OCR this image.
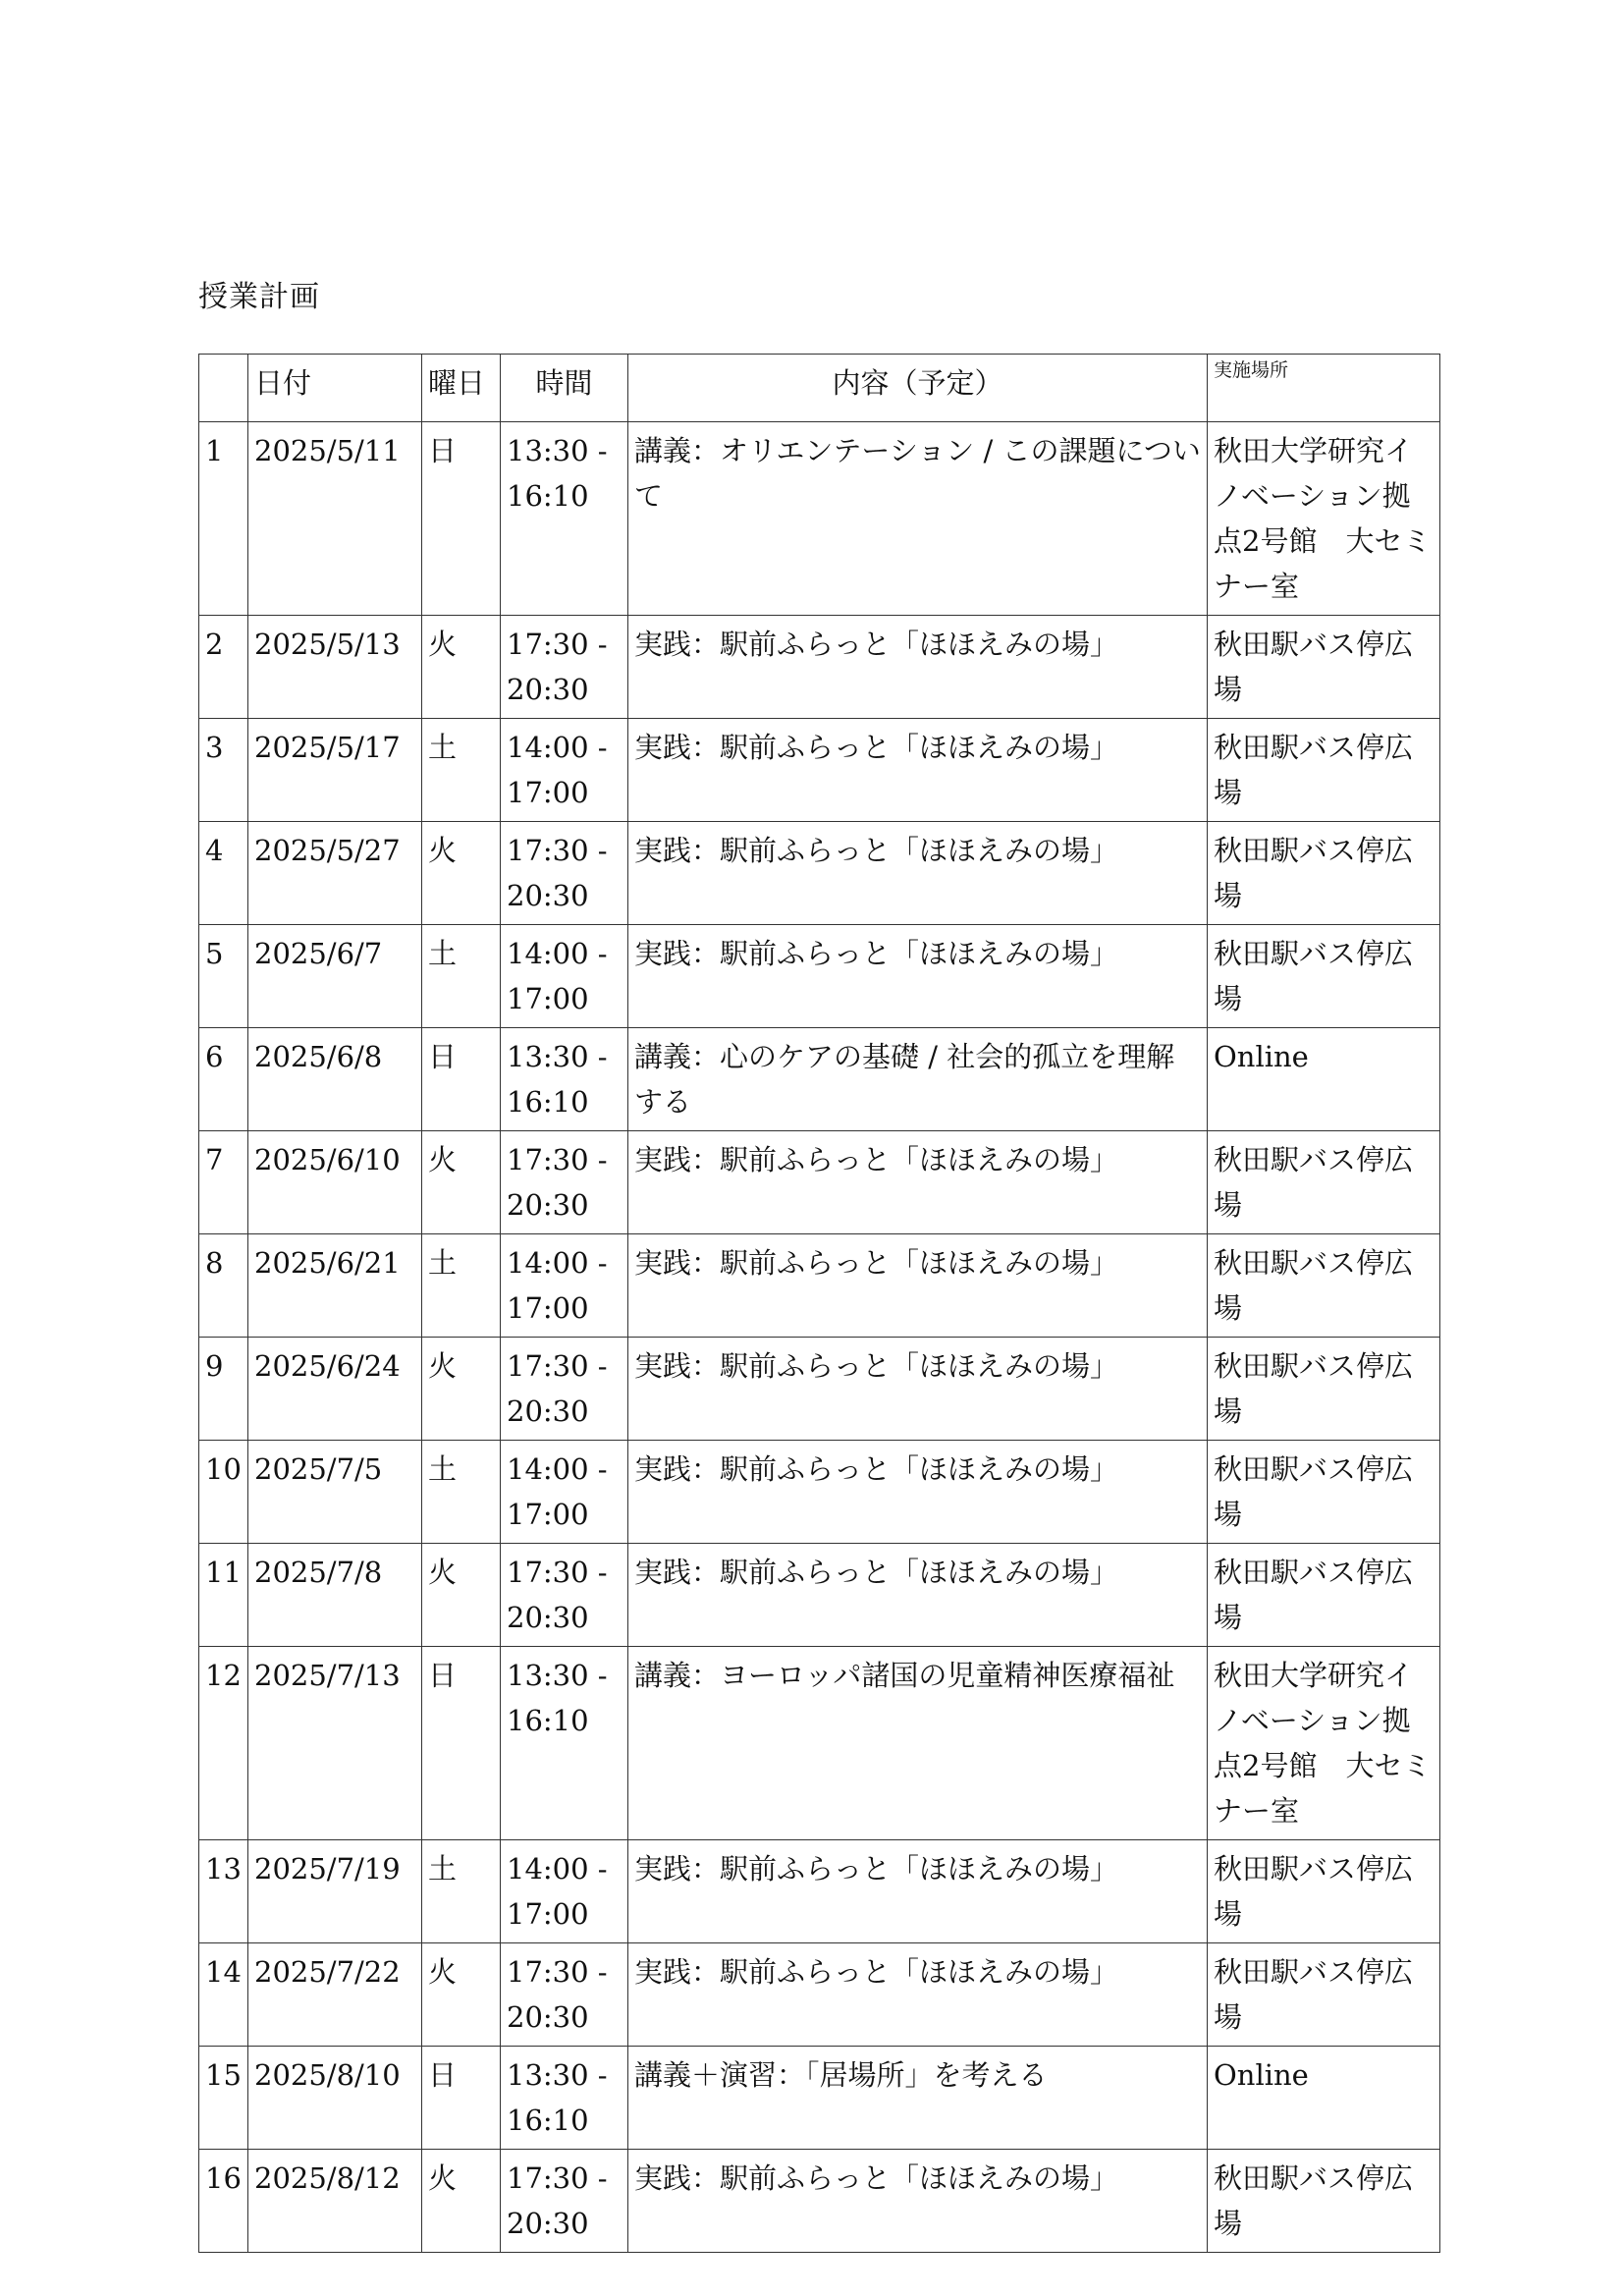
授業計画
	日付	曜日	時間	内容（予定）	実施場所
1	2025/5/11	日	13:30 - 16:10	講義：オリエンテーション / この課題について	秋田大学研究イノベーション拠点2号館　大セミナー室
2	2025/5/13	火	17:30 - 20:30	実践：駅前ふらっと「ほほえみの場」	秋田駅バス停広場
3	2025/5/17	土	14:00 - 17:00	実践：駅前ふらっと「ほほえみの場」	秋田駅バス停広場
4	2025/5/27	火	17:30 - 20:30	実践：駅前ふらっと「ほほえみの場」	秋田駅バス停広場
5	2025/6/7	土	14:00 - 17:00	実践：駅前ふらっと「ほほえみの場」	秋田駅バス停広場
6	2025/6/8	日	13:30 - 16:10	講義：心のケアの基礎 / 社会的孤立を理解する	Online
7	2025/6/10	火	17:30 - 20:30	実践：駅前ふらっと「ほほえみの場」	秋田駅バス停広場
8	2025/6/21	土	14:00 - 17:00	実践：駅前ふらっと「ほほえみの場」	秋田駅バス停広場
9	2025/6/24	火	17:30 - 20:30	実践：駅前ふらっと「ほほえみの場」	秋田駅バス停広場
10	2025/7/5	土	14:00 - 17:00	実践：駅前ふらっと「ほほえみの場」	秋田駅バス停広場
11	2025/7/8	火	17:30 - 20:30	実践：駅前ふらっと「ほほえみの場」	秋田駅バス停広場
12	2025/7/13	日	13:30 - 16:10	講義：ヨーロッパ諸国の児童精神医療福祉	秋田大学研究イノベーション拠点2号館　大セミナー室
13	2025/7/19	土	14:00 - 17:00	実践：駅前ふらっと「ほほえみの場」	秋田駅バス停広場
14	2025/7/22	火	17:30 - 20:30	実践：駅前ふらっと「ほほえみの場」	秋田駅バス停広場
15	2025/8/10	日	13:30 - 16:10	講義＋演習：「居場所」を考える	Online
16	2025/8/12	火	17:30 - 20:30	実践：駅前ふらっと「ほほえみの場」	秋田駅バス停広場
